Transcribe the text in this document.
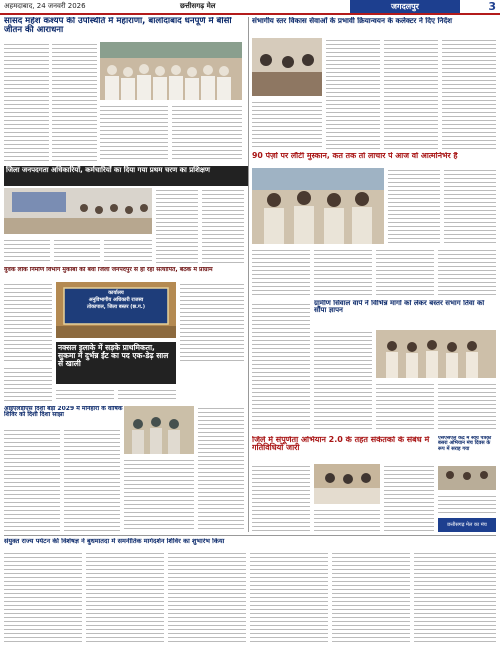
अहमदाबाद, 24 जनवरी 2026	छत्तीसगढ़ मेल	जगदलपुर	3
सांसद महेश कश्यप की उपस्थिति में महाराणा, बालोदाबाद धनपूर्ण में बीसी जीतन की आराधना
जिला जनपदगता अधिकारियों, कर्मचारियों का दिया गया प्रथम चरण का प्रशिक्षण
युवक लोक निर्माण विभाग मुकाबा को बवा जिला जनपदपुर से हो रहा सत्यापित, बैठक में प्रोग्राम
कार्यालय
अनुविभागीय अधिकारी राजस्व
तोकापाल, जिला बस्तर (छ.ग.)
नक्सल इलाके में सड़के प्राथमिकता, सुकमा में दुर्भन्न ईंट का पद एक-डेढ़ साल से खाली
आईएलडीएस दिशी बेड़ा 2029 में मनिहारा के वार्षिक शिविर को दिशी दिशा साझा
संयुक्त राज्य पर्यटन की विशेषज्ञ ने बुधमातदा में समनीतिक मार्गदर्शन शिविर का शुभारंभ किया
संभागीय स्तर विकास सेवाओं के प्रभावी क्रियान्वयन के कलेक्टर ने दिए निर्देश
90 पेज़ों पर लौटी मुस्कान, कत तक तो लाचार पे आज वो आत्मनिर्भर है
ग्रामीण सिवाल वापे ने विभिन्न मांगों को लेकर बस्तर संभाग तिवा को सौंपा ज्ञापन
जिले में संपूर्णता अभियान 2.0 के तहत संकेतकों के संबंध में गतिविधियों जारी
एसएसएल केंद्र में स्वयं पत्रकों बसरा अभियान मंच दिवस के रूप में सराह गया
छत्तीसगढ़ मेल का मंच
